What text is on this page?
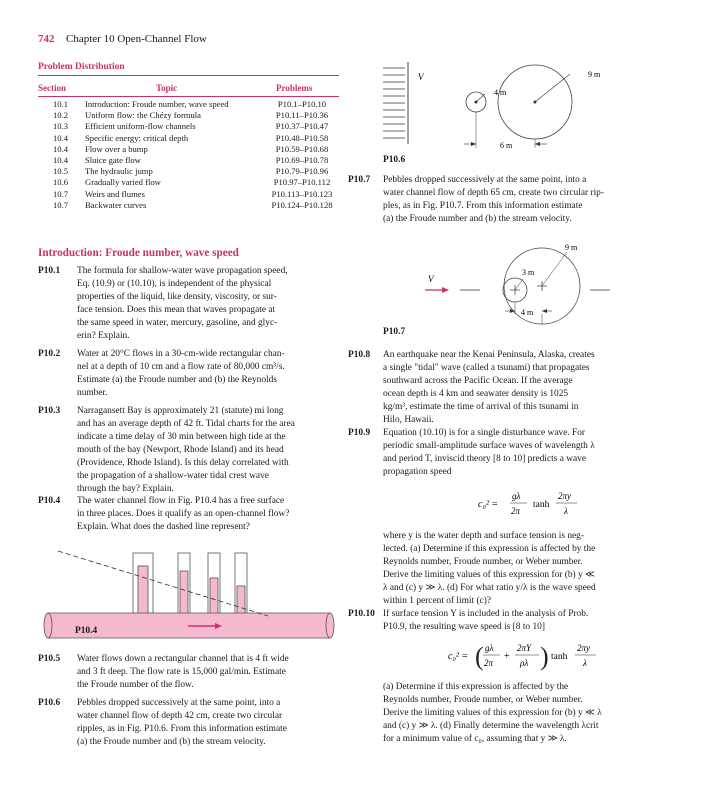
742 Chapter 10 Open-Channel Flow
Problem Distribution
Section	Topic	Problems
10.1	Introduction: Froude number, wave speed	P10.1–P10.10
10.2	Uniform flow: the Chézy formula	P10.11–P10.36
10.3	Efficient uniform-flow channels	P10.37–P10.47
10.4	Specific energy: critical depth	P10.48–P10.58
10.4	Flow over a bump	P10.59–P10.68
10.4	Sluice gate flow	P10.69–P10.78
10.5	The hydraulic jump	P10.79–P10.96
10.6	Gradually varied flow	P10.97–P10.112
10.7	Weirs and flumes	P10.113–P10.123
10.7	Backwater curves	P10.124–P10.128
Introduction: Froude number, wave speed
P10.1 The formula for shallow-water wave propagation speed,
Eq. (10.9) or (10.10), is independent of the physical
properties of the liquid, like density, viscosity, or sur-
face tension. Does this mean that waves propagate at
the same speed in water, mercury, gasoline, and glyc-
erin? Explain.
P10.2 Water at 20°C flows in a 30-cm-wide rectangular chan-
nel at a depth of 10 cm and a flow rate of 80,000 cm³/s.
Estimate (a) the Froude number and (b) the Reynolds
number.
P10.3 Narragansett Bay is approximately 21 (statute) mi long
and has an average depth of 42 ft. Tidal charts for the area
indicate a time delay of 30 min between high tide at the
mouth of the bay (Newport, Rhode Island) and its head
(Providence, Rhode Island). Is this delay correlated with
the propagation of a shallow-water tidal crest wave
through the bay? Explain.
P10.4 The water channel flow in Fig. P10.4 has a free surface
in three places. Does it qualify as an open-channel flow?
Explain. What does the dashed line represent?
P10.4
P10.5 Water flows down a rectangular channel that is 4 ft wide
and 3 ft deep. The flow rate is 15,000 gal/min. Estimate
the Froude number of the flow.
P10.6 Pebbles dropped successively at the same point, into a
water channel flow of depth 42 cm, create two circular
ripples, as in Fig. P10.6. From this information estimate
(a) the Froude number and (b) the stream velocity.
V
4 m
9 m
6 m
P10.6
P10.7 Pebbles dropped successively at the same point, into a
water channel flow of depth 65 cm, create two circular rip-
ples, as in Fig. P10.7. From this information estimate
(a) the Froude number and (b) the stream velocity.
V
9 m
3 m
4 m
P10.7
P10.8 An earthquake near the Kenai Peninsula, Alaska, creates
a single "tidal" wave (called a tsunami) that propagates
southward across the Pacific Ocean. If the average
ocean depth is 4 km and seawater density is 1025
kg/m³, estimate the time of arrival of this tsunami in
Hilo, Hawaii.
P10.9 Equation (10.10) is for a single disturbance wave. For
periodic small-amplitude surface waves of wavelength λ
and period T, inviscid theory [8 to 10] predicts a wave
propagation speed
c₀² =
gλ
2π
tanh
2πy
λ
where y is the water depth and surface tension is neg-
lected. (a) Determine if this expression is affected by the
Reynolds number, Froude number, or Weber number.
Derive the limiting values of this expression for (b) y ≪
λ and (c) y ≫ λ. (d) For what ratio y/λ is the wave speed
within 1 percent of limit (c)?
P10.10 If surface tension Y is included in the analysis of Prob.
P10.9, the resulting wave speed is [8 to 10]
c₀² = ( gλ
2π
+
2πY
ρλ ) tanh
2πy
λ
(a) Determine if this expression is affected by the
Reynolds number, Froude number, or Weber number.
Derive the limiting values of this expression for (b) y ≪ λ
and (c) y ≫ λ. (d) Finally determine the wavelength λcrit
for a minimum value of c₀, assuming that y ≫ λ.
